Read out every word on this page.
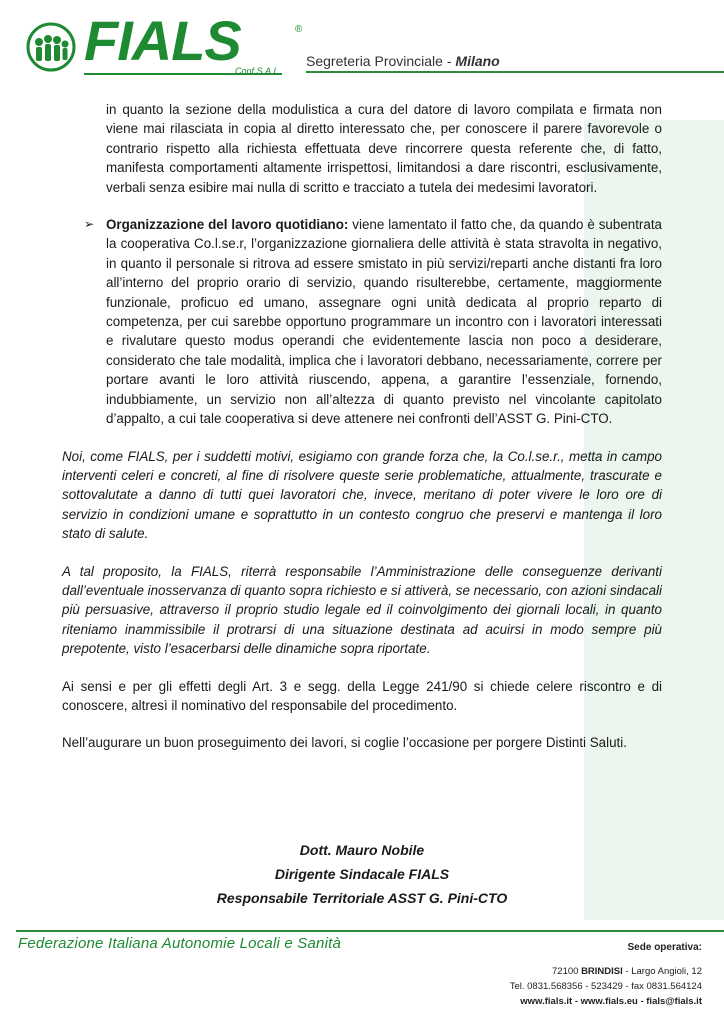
FIALS	®
Conf.S.A.L.
Segreteria Provinciale - Milano

in quanto la sezione della modulistica a cura del datore di lavoro compilata e firmata non viene mai rilasciata in copia al diretto interessato che, per conoscere il parere favorevole o contrario rispetto alla richiesta effettuata deve rincorrere questa referente che, di fatto, manifesta comportamenti altamente irrispettosi, limitandosi a dare riscontri, esclusivamente, verbali senza esibire mai nulla di scritto e tracciato a tutela dei medesimi lavoratori.

➢ Organizzazione del lavoro quotidiano: viene lamentato il fatto che, da quando è subentrata la cooperativa Co.l.se.r, l’organizzazione giornaliera delle attività è stata stravolta in negativo, in quanto il personale si ritrova ad essere smistato in più servizi/reparti anche distanti fra loro all’interno del proprio orario di servizio, quando risulterebbe, certamente, maggiormente funzionale, proficuo ed umano, assegnare ogni unità dedicata al proprio reparto di competenza, per cui sarebbe opportuno programmare un incontro con i lavoratori interessati e rivalutare questo modus operandi che evidentemente lascia non poco a desiderare, considerato che tale modalità, implica che i lavoratori debbano, necessariamente, correre per portare avanti le loro attività riuscendo, appena, a garantire l’essenziale, fornendo, indubbiamente, un servizio non all’altezza di quanto previsto nel vincolante capitolato d’appalto, a cui tale cooperativa si deve attenere nei confronti dell’ASST G. Pini-CTO.

Noi, come FIALS, per i suddetti motivi, esigiamo con grande forza che, la Co.l.se.r., metta in campo interventi celeri e concreti, al fine di risolvere queste serie problematiche, attualmente, trascurate e sottovalutate a danno di tutti quei lavoratori che, invece, meritano di poter vivere le loro ore di servizio in condizioni umane e soprattutto in un contesto congruo che preservi e mantenga il loro stato di salute.

A tal proposito, la FIALS, riterrà responsabile l’Amministrazione delle conseguenze derivanti dall’eventuale inosservanza di quanto sopra richiesto e si attiverà, se necessario, con azioni sindacali più persuasive, attraverso il proprio studio legale ed il coinvolgimento dei giornali locali, in quanto riteniamo inammissibile il protrarsi di una situazione destinata ad acuirsi in modo sempre più prepotente, visto l’esacerbarsi delle dinamiche sopra riportate.

Ai sensi e per gli effetti degli Art. 3 e segg. della Legge 241/90 si chiede celere riscontro e di conoscere, altresì il nominativo del responsabile del procedimento.

Nell’augurare un buon proseguimento dei lavori, si coglie l’occasione per porgere Distinti Saluti.

Dott. Mauro Nobile
Dirigente Sindacale FIALS
Responsabile Territoriale ASST G. Pini-CTO
Federazione Italiana Autonomie Locali e Sanità	Sede operativa:
72100 BRINDISI - Largo Angioli, 12
Tel. 0831.568356 - 523429 - fax 0831.564124
www.fials.it - www.fials.eu - fials@fials.it
